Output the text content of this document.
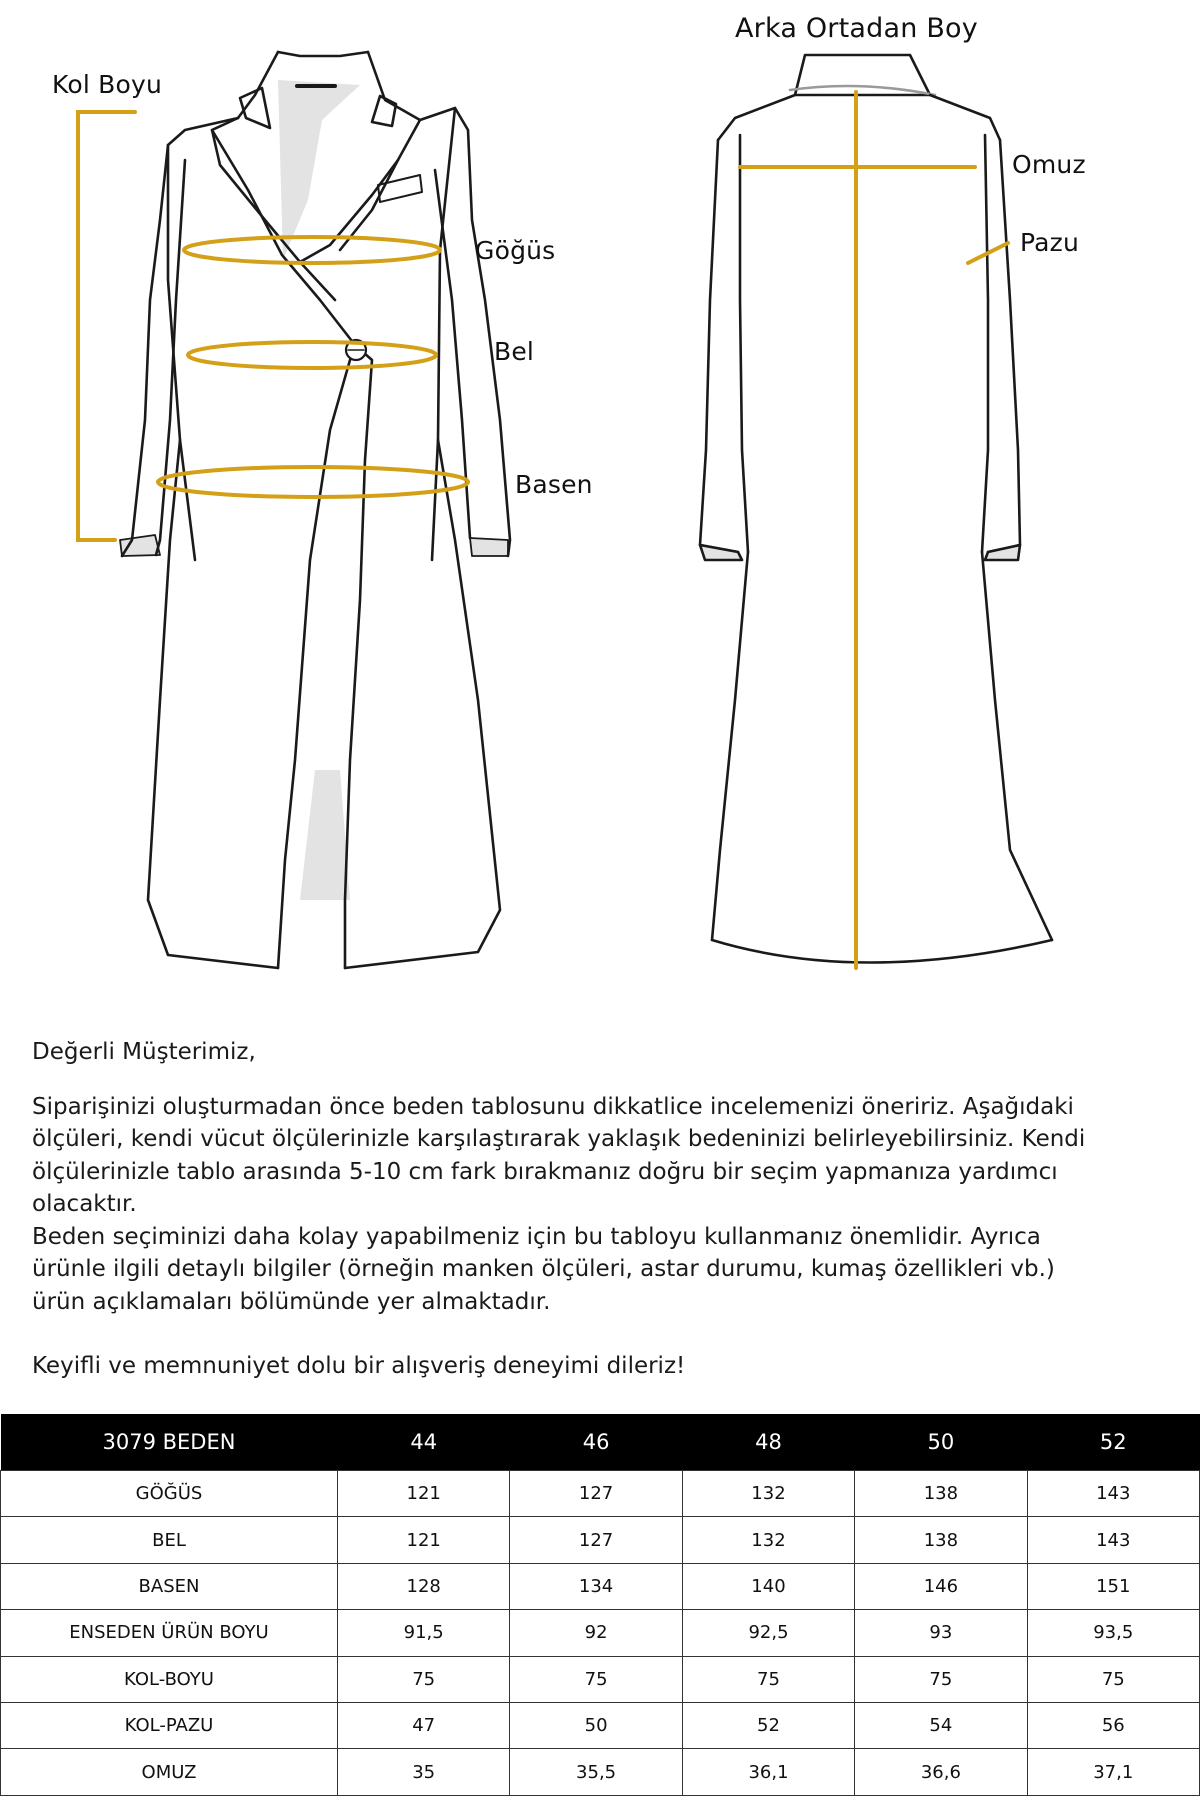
Kol Boyu
Göğüs
Bel
Basen
Arka Ortadan Boy
Omuz
Pazu

Değerli Müşterimiz,

Siparişinizi oluşturmadan önce beden tablosunu dikkatlice incelemenizi öneririz. Aşağıdaki
ölçüleri, kendi vücut ölçülerinizle karşılaştırarak yaklaşık bedeninizi belirleyebilirsiniz. Kendi
ölçülerinizle tablo arasında 5-10 cm fark bırakmanız doğru bir seçim yapmanıza yardımcı
olacaktır.
Beden seçiminizi daha kolay yapabilmeniz için bu tabloyu kullanmanız önemlidir. Ayrıca
ürünle ilgili detaylı bilgiler (örneğin manken ölçüleri, astar durumu, kumaş özellikleri vb.)
ürün açıklamaları bölümünde yer almaktadır.

Keyifli ve memnuniyet dolu bir alışveriş deneyimi dileriz!

3079 BEDEN	44	46	48	50	52
GÖĞÜS	121	127	132	138	143
BEL	121	127	132	138	143
BASEN	128	134	140	146	151
ENSEDEN ÜRÜN BOYU	91,5	92	92,5	93	93,5
KOL-BOYU	75	75	75	75	75
KOL-PAZU	47	50	52	54	56
OMUZ	35	35,5	36,1	36,6	37,1
